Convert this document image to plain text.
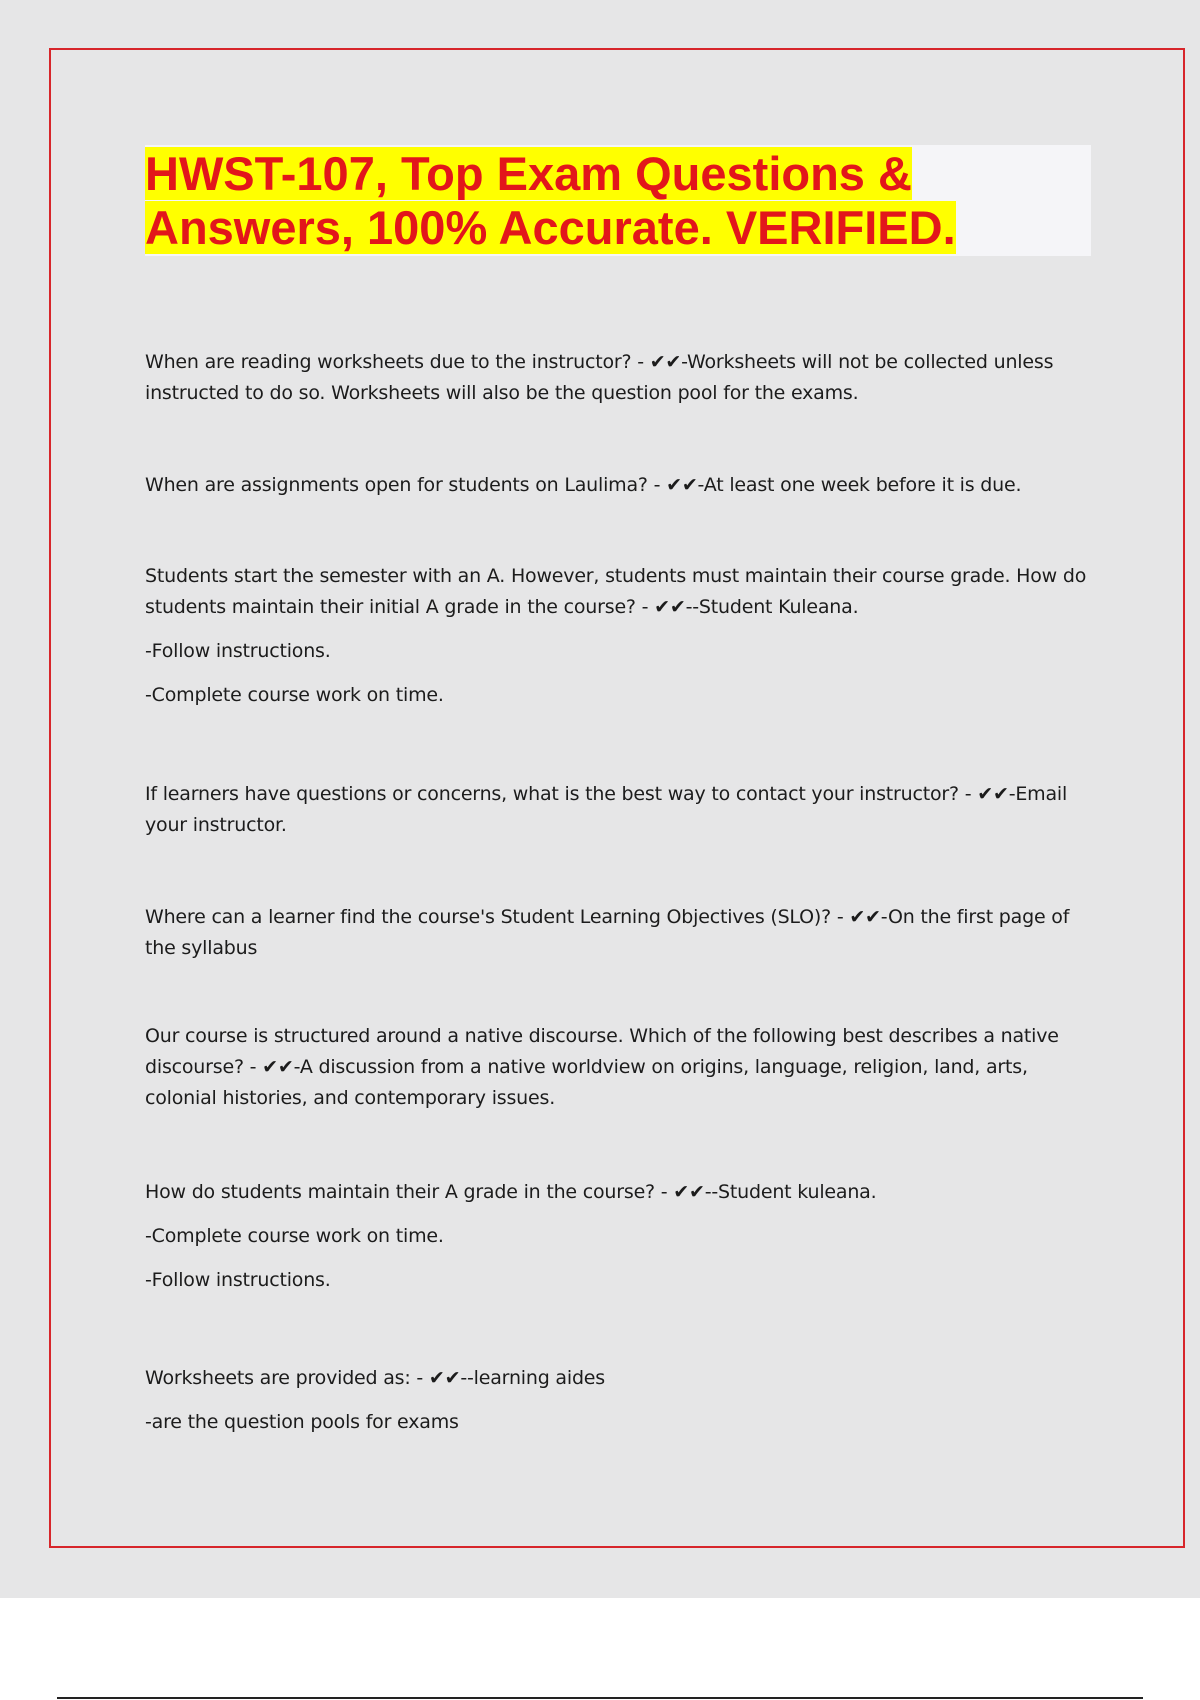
HWST-107, Top Exam Questions &
Answers, 100% Accurate. VERIFIED.

When are reading worksheets due to the instructor? - ✔✔-Worksheets will not be collected unless instructed to do so. Worksheets will also be the question pool for the exams.

When are assignments open for students on Laulima? - ✔✔-At least one week before it is due.

Students start the semester with an A. However, students must maintain their course grade. How do students maintain their initial A grade in the course? - ✔✔--Student Kuleana.

-Follow instructions.

-Complete course work on time.

If learners have questions or concerns, what is the best way to contact your instructor? - ✔✔-Email your instructor.

Where can a learner find the course's Student Learning Objectives (SLO)? - ✔✔-On the first page of the syllabus

Our course is structured around a native discourse. Which of the following best describes a native discourse? - ✔✔-A discussion from a native worldview on origins, language, religion, land, arts, colonial histories, and contemporary issues.

How do students maintain their A grade in the course? - ✔✔--Student kuleana.

-Complete course work on time.

-Follow instructions.

Worksheets are provided as: - ✔✔--learning aides

-are the question pools for exams
